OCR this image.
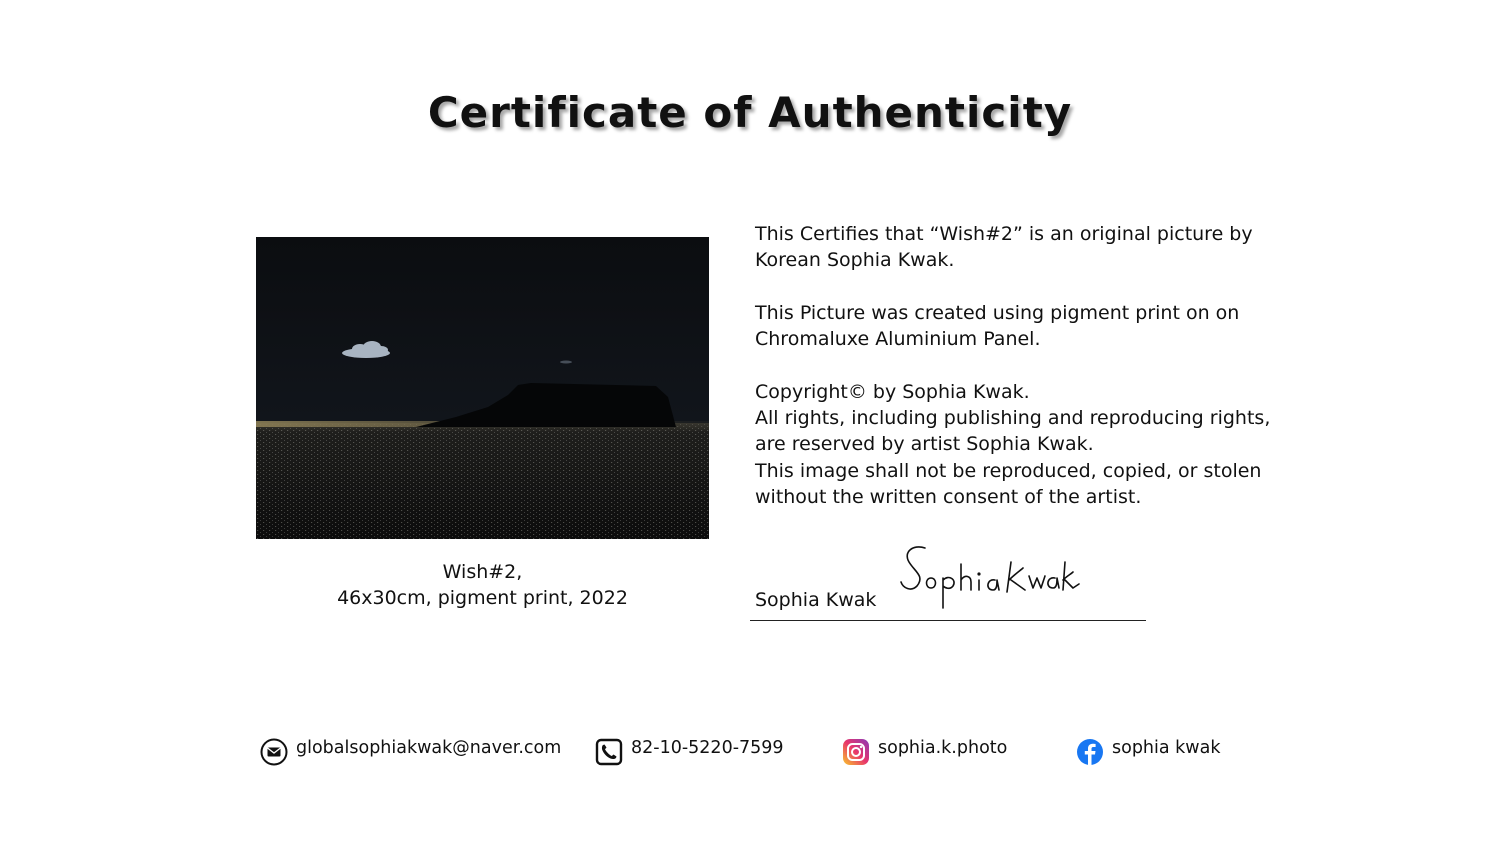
Certificate of Authenticity
Wish#2,
46x30cm, pigment print, 2022

This Certifies that “Wish#2” is an original picture by

Korean Sophia Kwak.

This Picture was created using pigment print on on

Chromaluxe Aluminium Panel.

Copyright© by Sophia Kwak.

All rights, including publishing and reproducing rights,

are reserved by artist Sophia Kwak.

This image shall not be reproduced, copied, or stolen

without the written consent of the artist.

Sophia Kwak
globalsophiakwak@naver.com	82-10-5220-7599	sophia.k.photo	sophia kwak
